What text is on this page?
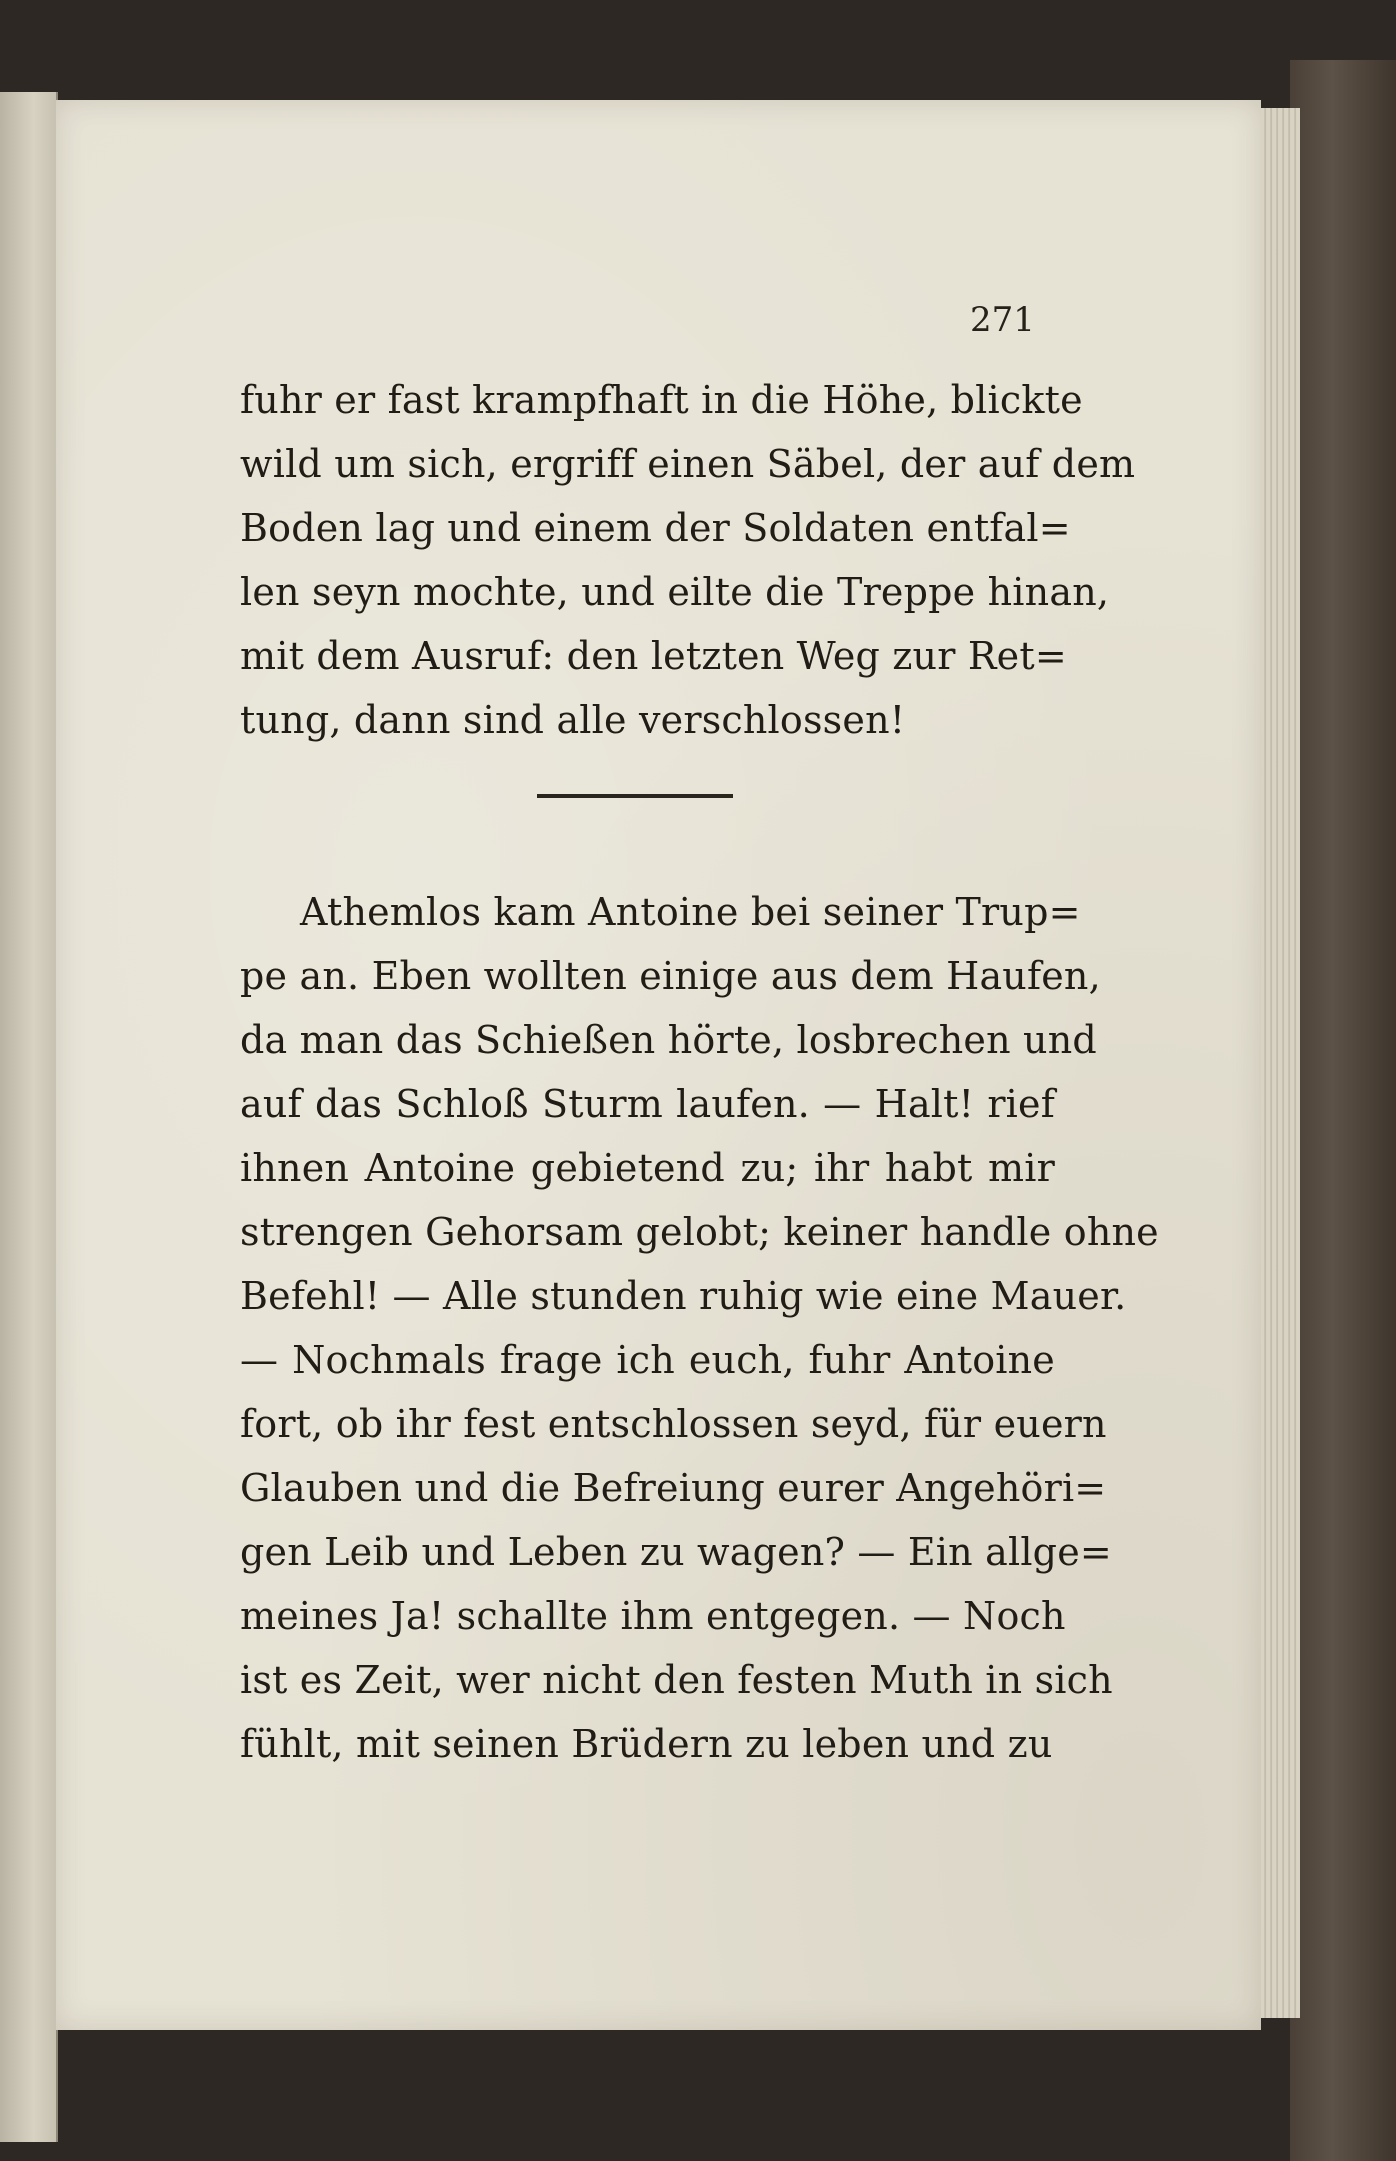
271
fuhr er fast krampfhaft in die Höhe, blickte
wild um sich, ergriff einen Säbel, der auf dem
Boden lag und einem der Soldaten entfal=
len seyn mochte, und eilte die Treppe hinan,
mit dem Ausruf: den letzten Weg zur Ret=
tung, dann sind alle verschlossen!
Athemlos kam Antoine bei seiner Trup=
pe an. Eben wollten einige aus dem Haufen,
da man das Schießen hörte, losbrechen und
auf das Schloß Sturm laufen. — Halt! rief
ihnen Antoine gebietend zu; ihr habt mir
strengen Gehorsam gelobt; keiner handle ohne
Befehl! — Alle stunden ruhig wie eine Mauer.
— Nochmals frage ich euch, fuhr Antoine
fort, ob ihr fest entschlossen seyd, für euern
Glauben und die Befreiung eurer Angehöri=
gen Leib und Leben zu wagen? — Ein allge=
meines Ja! schallte ihm entgegen. — Noch
ist es Zeit, wer nicht den festen Muth in sich
fühlt, mit seinen Brüdern zu leben und zu
